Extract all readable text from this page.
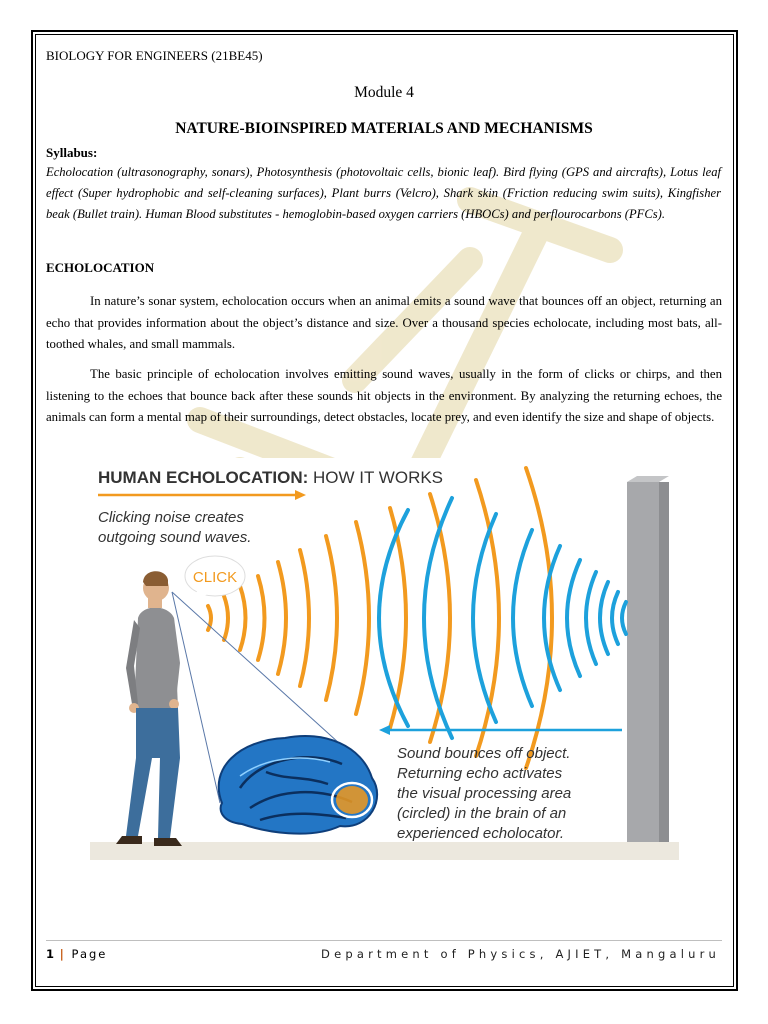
BIOLOGY FOR ENGINEERS (21BE45)
Module 4
NATURE-BIOINSPIRED MATERIALS AND MECHANISMS
Syllabus:
Echolocation (ultrasonography, sonars), Photosynthesis (photovoltaic cells, bionic leaf). Bird flying (GPS and aircrafts), Lotus leaf effect (Super hydrophobic and self-cleaning surfaces), Plant burrs (Velcro), Shark skin (Friction reducing swim suits), Kingfisher beak (Bullet train). Human Blood substitutes - hemoglobin-based oxygen carriers (HBOCs) and perflourocarbons (PFCs).
ECHOLOCATION
In nature’s sonar system, echolocation occurs when an animal emits a sound wave that bounces off an object, returning an echo that provides information about the object’s distance and size. Over a thousand species echolocate, including most bats, all-toothed whales, and small mammals.
The basic principle of echolocation involves emitting sound waves, usually in the form of clicks or chirps, and then listening to the echoes that bounce back after these sounds hit objects in the environment. By analyzing the returning echoes, the animals can form a mental map of their surroundings, detect obstacles, locate prey, and even identify the size and shape of objects.
HUMAN ECHOLOCATION: HOW IT WORKS
Clicking noise creates outgoing sound waves.
CLICK
Sound bounces off object. Returning echo activates the visual processing area (circled) in the brain of an experienced echolocator.
1 | Page	Department of Physics, AJIET, Mangaluru
